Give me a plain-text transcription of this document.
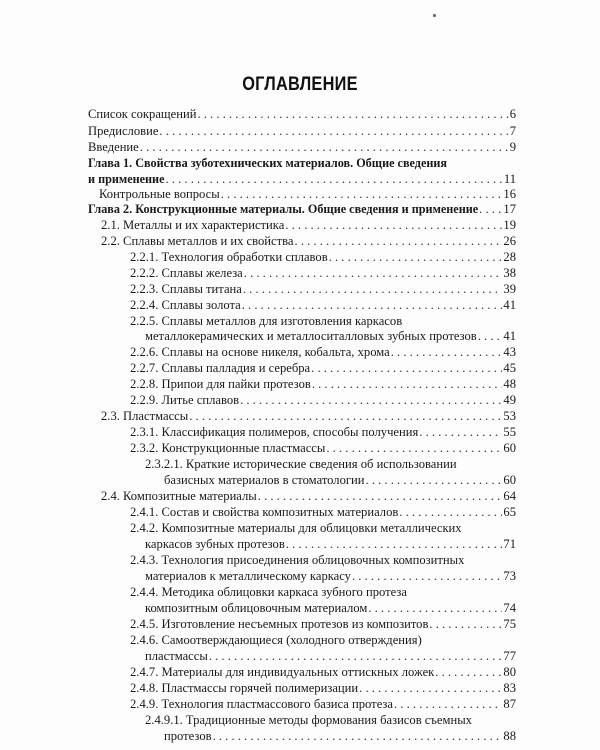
ОГЛАВЛЕНИЕ
Список сокращений . . .	6
Предисловие . . .	7
Введение . . .	9
Глава 1. Свойства зуботехнических материалов. Общие сведения
и применение . . .	11
Контрольные вопросы . . .	16
Глава 2. Конструкционные материалы. Общие сведения и применение . . . 17
2.1. Металлы и их характеристика . . .	19
2.2. Сплавы металлов и их свойства . . .	26
2.2.1. Технология обработки сплавов . . .	28
2.2.2. Сплавы железа . . .	38
2.2.3. Сплавы титана . . .	39
2.2.4. Сплавы золота . . .	41
2.2.5. Сплавы металлов для изготовления каркасов
металлокерамических и металлоситалловых зубных протезов . . . 41
2.2.6. Сплавы на основе никеля, кобальта, хрома . . .	43
2.2.7. Сплавы палладия и серебра . . .	45
2.2.8. Припои для пайки протезов . . .	48
2.2.9. Литье сплавов . . .	49
2.3. Пластмассы . . .	53
2.3.1. Классификация полимеров, способы получения . . .	55
2.3.2. Конструкционные пластмассы . . .	60
2.3.2.1. Краткие исторические сведения об использовании
базисных материалов в стоматологии . . .	60
2.4. Композитные материалы . . .	64
2.4.1. Состав и свойства композитных материалов . . .	65
2.4.2. Композитные материалы для облицовки металлических
каркасов зубных протезов . . .	71
2.4.3. Технология присоединения облицовочных композитных
материалов к металлическому каркасу . . .	73
2.4.4. Методика облицовки каркаса зубного протеза
композитным облицовочным материалом . . .	74
2.4.5. Изготовление несъемных протезов из композитов . . .	75
2.4.6. Самоотверждающиеся (холодного отверждения)
пластмассы . . .	77
2.4.7. Материалы для индивидуальных оттискных ложек . . .	80
2.4.8. Пластмассы горячей полимеризации . . .	83
2.4.9. Технология пластмассового базиса протеза . . .	87
2.4.9.1. Традиционные методы формования базисов съемных
протезов . . .	88
